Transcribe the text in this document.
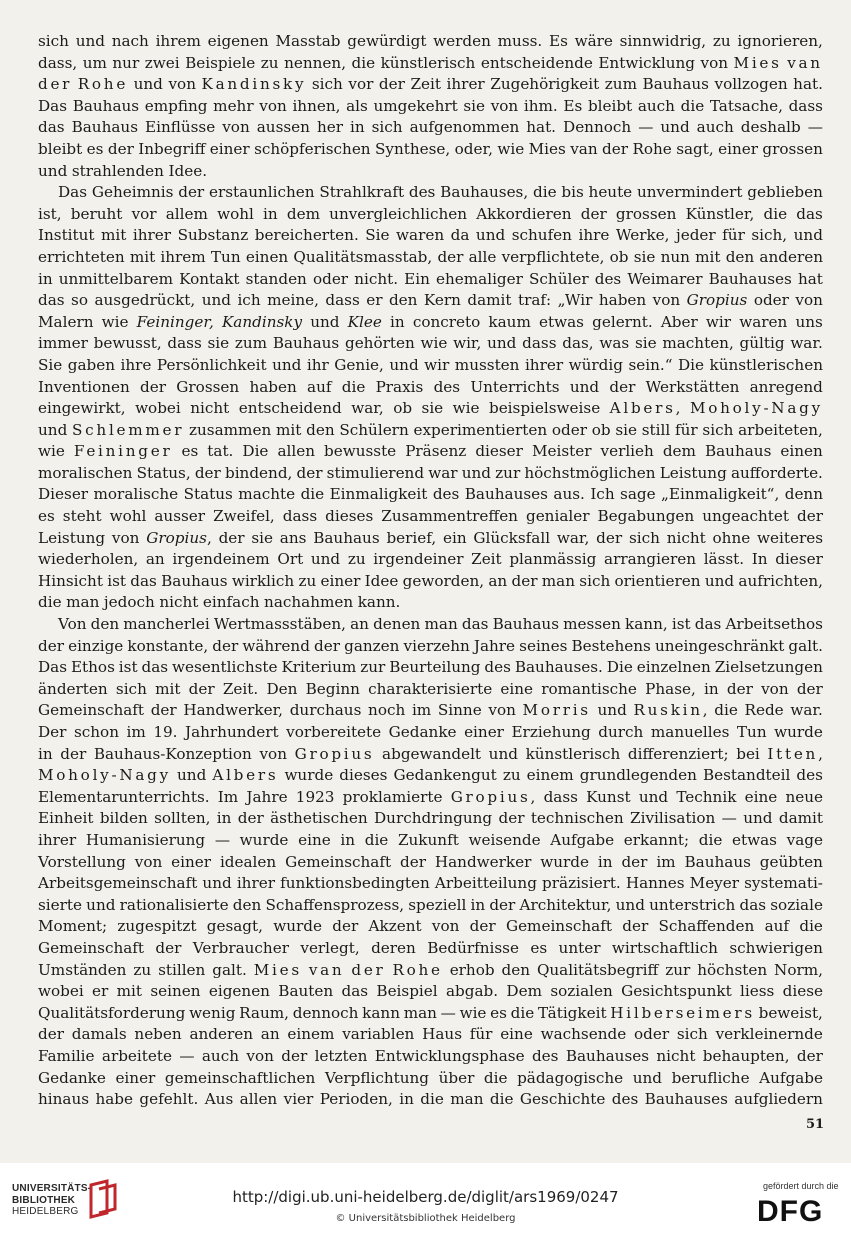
sich und nach ihrem eigenen Masstab gewürdigt werden muss. Es wäre sinnwidrig, zu ignorieren,
dass, um nur zwei Beispiele zu nennen, die künstlerisch entscheidende Entwicklung von Mies van
der Rohe und von Kandinsky sich vor der Zeit ihrer Zugehörigkeit zum Bauhaus vollzogen hat.
Das Bauhaus empfing mehr von ihnen, als umgekehrt sie von ihm. Es bleibt auch die Tatsache, dass
das Bauhaus Einflüsse von aussen her in sich aufgenommen hat. Dennoch — und auch deshalb —
bleibt es der Inbegriff einer schöpferischen Synthese, oder, wie Mies van der Rohe sagt, einer grossen
und strahlenden Idee.
Das Geheimnis der erstaunlichen Strahlkraft des Bauhauses, die bis heute unvermindert geblieben
ist, beruht vor allem wohl in dem unvergleichlichen Akkordieren der grossen Künstler, die das
Institut mit ihrer Substanz bereicherten. Sie waren da und schufen ihre Werke, jeder für sich, und
errichteten mit ihrem Tun einen Qualitätsmasstab, der alle verpflichtete, ob sie nun mit den anderen
in unmittelbarem Kontakt standen oder nicht. Ein ehemaliger Schüler des Weimarer Bauhauses hat
das so ausgedrückt, und ich meine, dass er den Kern damit traf: „Wir haben von Gropius oder von
Malern wie Feininger, Kandinsky und Klee in concreto kaum etwas gelernt. Aber wir waren uns
immer bewusst, dass sie zum Bauhaus gehörten wie wir, und dass das, was sie machten, gültig war.
Sie gaben ihre Persönlichkeit und ihr Genie, und wir mussten ihrer würdig sein.“ Die künstlerischen
Inventionen der Grossen haben auf die Praxis des Unterrichts und der Werkstätten anregend
eingewirkt, wobei nicht entscheidend war, ob sie wie beispielsweise Albers, Moholy-Nagy
und Schlemmer zusammen mit den Schülern experimentierten oder ob sie still für sich arbeiteten,
wie Feininger es tat. Die allen bewusste Präsenz dieser Meister verlieh dem Bauhaus einen
moralischen Status, der bindend, der stimulierend war und zur höchstmöglichen Leistung aufforderte.
Dieser moralische Status machte die Einmaligkeit des Bauhauses aus. Ich sage „Einmaligkeit“, denn
es steht wohl ausser Zweifel, dass dieses Zusammentreffen genialer Begabungen ungeachtet der
Leistung von Gropius, der sie ans Bauhaus berief, ein Glücksfall war, der sich nicht ohne weiteres
wiederholen, an irgendeinem Ort und zu irgendeiner Zeit planmässig arrangieren lässt. In dieser
Hinsicht ist das Bauhaus wirklich zu einer Idee geworden, an der man sich orientieren und aufrichten,
die man jedoch nicht einfach nachahmen kann.
Von den mancherlei Wertmassstäben, an denen man das Bauhaus messen kann, ist das Arbeitsethos
der einzige konstante, der während der ganzen vierzehn Jahre seines Bestehens uneingeschränkt galt.
Das Ethos ist das wesentlichste Kriterium zur Beurteilung des Bauhauses. Die einzelnen Zielsetzungen
änderten sich mit der Zeit. Den Beginn charakterisierte eine romantische Phase, in der von der
Gemeinschaft der Handwerker, durchaus noch im Sinne von Morris und Ruskin, die Rede war.
Der schon im 19. Jahrhundert vorbereitete Gedanke einer Erziehung durch manuelles Tun wurde
in der Bauhaus-Konzeption von Gropius abgewandelt und künstlerisch differenziert; bei Itten,
Moholy-Nagy und Albers wurde dieses Gedankengut zu einem grundlegenden Bestandteil des
Elementarunterrichts. Im Jahre 1923 proklamierte Gropius, dass Kunst und Technik eine neue
Einheit bilden sollten, in der ästhetischen Durchdringung der technischen Zivilisation — und damit
ihrer Humanisierung — wurde eine in die Zukunft weisende Aufgabe erkannt; die etwas vage
Vorstellung von einer idealen Gemeinschaft der Handwerker wurde in der im Bauhaus geübten
Arbeitsgemeinschaft und ihrer funktionsbedingten Arbeitteilung präzisiert. Hannes Meyer systemati-
sierte und rationalisierte den Schaffensprozess, speziell in der Architektur, und unterstrich das soziale
Moment; zugespitzt gesagt, wurde der Akzent von der Gemeinschaft der Schaffenden auf die
Gemeinschaft der Verbraucher verlegt, deren Bedürfnisse es unter wirtschaftlich schwierigen
Umständen zu stillen galt. Mies van der Rohe erhob den Qualitätsbegriff zur höchsten Norm,
wobei er mit seinen eigenen Bauten das Beispiel abgab. Dem sozialen Gesichtspunkt liess diese
Qualitätsforderung wenig Raum, dennoch kann man — wie es die Tätigkeit Hilberseimers beweist,
der damals neben anderen an einem variablen Haus für eine wachsende oder sich verkleinernde
Familie arbeitete — auch von der letzten Entwicklungsphase des Bauhauses nicht behaupten, der
Gedanke einer gemeinschaftlichen Verpflichtung über die pädagogische und berufliche Aufgabe
hinaus habe gefehlt. Aus allen vier Perioden, in die man die Geschichte des Bauhauses aufgliedern
51
UNIVERSITÄTS-
BIBLIOTHEK
HEIDELBERG
http://digi.ub.uni-heidelberg.de/diglit/ars1969/0247
© Universitätsbibliothek Heidelberg
gefördert durch die
DFG
